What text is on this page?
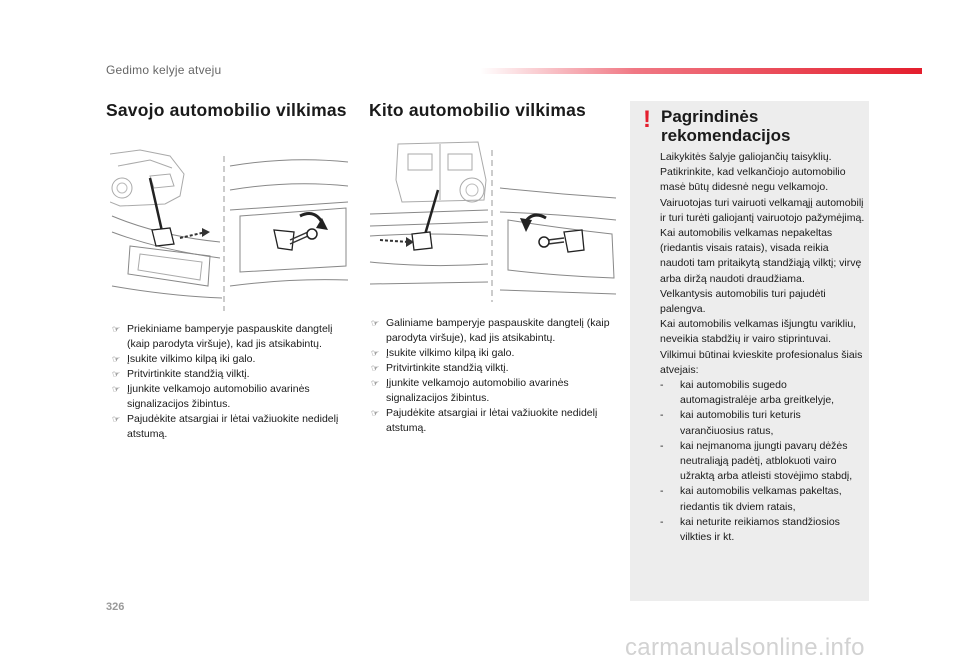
Gedimo kelyje atveju
Savojo automobilio vilkimas
☞ Priekiniame bamperyje paspauskite dangtelį (kaip parodyta viršuje), kad jis atsikabintų.
☞ Įsukite vilkimo kilpą iki galo.
☞ Pritvirtinkite standžią vilktį.
☞ Įjunkite velkamojo automobilio avarinės signalizacijos žibintus.
☞ Pajudėkite atsargiai ir lėtai važiuokite nedidelį atstumą.
Kito automobilio vilkimas
☞ Galiniame bamperyje paspauskite dangtelį (kaip parodyta viršuje), kad jis atsikabintų.
☞ Įsukite vilkimo kilpą iki galo.
☞ Pritvirtinkite standžią vilktį.
☞ Įjunkite velkamojo automobilio avarinės signalizacijos žibintus.
☞ Pajudėkite atsargiai ir lėtai važiuokite nedidelį atstumą.
! Pagrindinės rekomendacijos

Laikykitės šalyje galiojančių taisyklių.

Patikrinkite, kad velkančiojo automobilio masė būtų didesnė negu velkamojo.

Vairuotojas turi vairuoti velkamąjį automobilį ir turi turėti galiojantį vairuotojo pažymėjimą.

Kai automobilis velkamas nepakeltas (riedantis visais ratais), visada reikia naudoti tam pritaikytą standžiąją vilktį; virvę arba diržą naudoti draudžiama.

Velkantysis automobilis turi pajudėti palengva.

Kai automobilis velkamas išjungtu varikliu, neveikia stabdžių ir vairo stiprintuvai.

Vilkimui būtinai kvieskite profesionalus šiais atvejais:

- kai automobilis sugedo automagistralėje arba greitkelyje,
- kai automobilis turi keturis varančiuosius ratus,
- kai neįmanoma įjungti pavarų dėžės neutraliąją padėtį, atblokuoti vairo užraktą arba atleisti stovėjimo stabdį,
- kai automobilis velkamas pakeltas, riedantis tik dviem ratais,
- kai neturite reikiamos standžiosios vilkties ir kt.
326
carmanualsonline.info
